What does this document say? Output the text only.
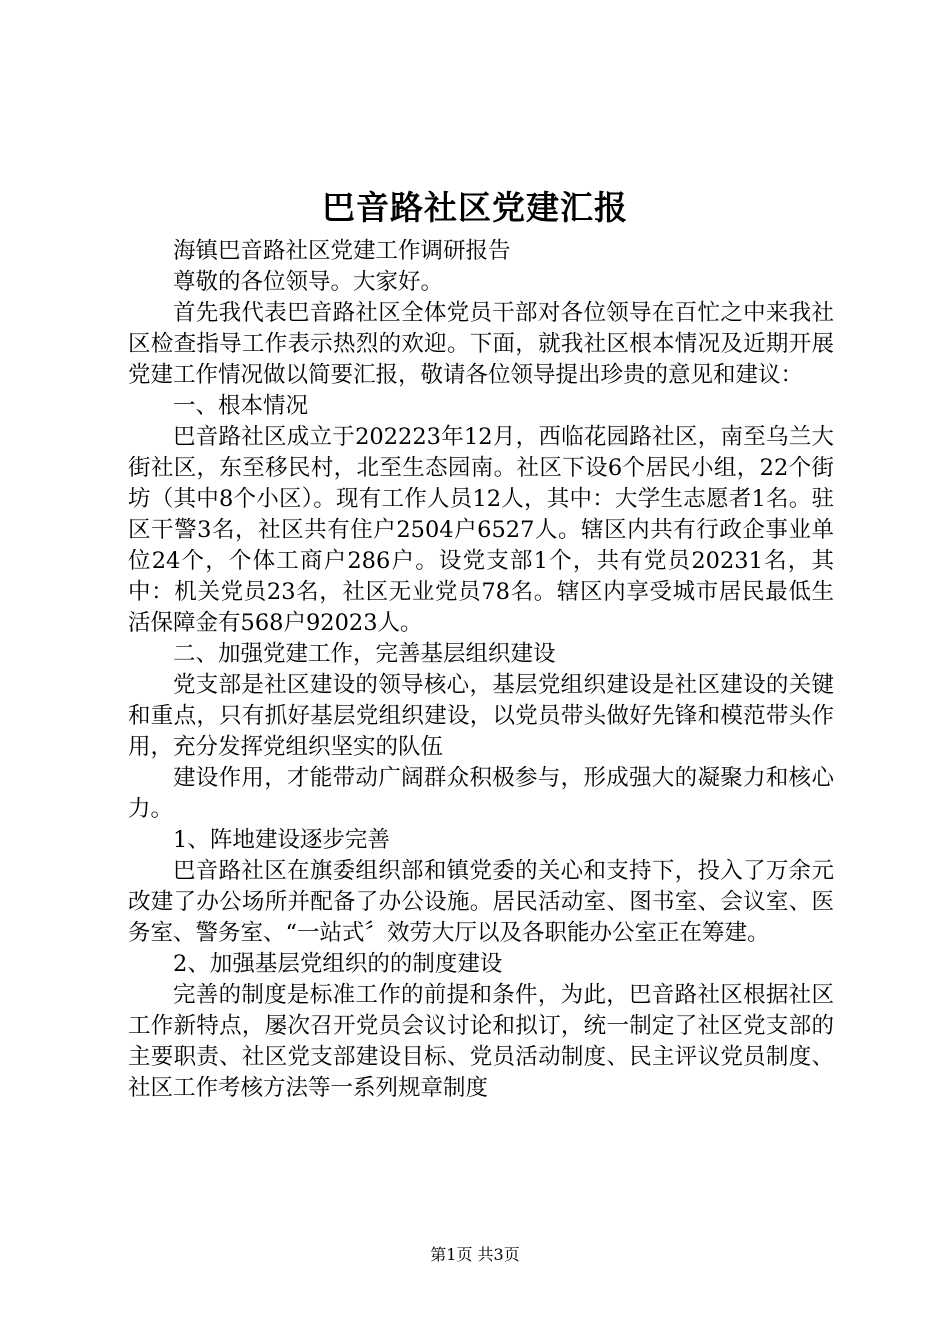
巴音路社区党建汇报

海镇巴音路社区党建工作调研报告

尊敬的各位领导。大家好。

首先我代表巴音路社区全体党员干部对各位领导在百忙之中来我社区检查指导工作表示热烈的欢迎。下面，就我社区根本情况及近期开展党建工作情况做以简要汇报，敬请各位领导提出珍贵的意见和建议：

一、根本情况

巴音路社区成立于202223年12月，西临花园路社区，南至乌兰大街社区，东至移民村，北至生态园南。社区下设6个居民小组，22个街坊（其中8个小区）。现有工作人员12人，其中：大学生志愿者1名。驻区干警3名，社区共有住户2504户6527人。辖区内共有行政企事业单位24个，个体工商户286户。设党支部1个，共有党员20231名，其中：机关党员23名，社区无业党员78名。辖区内享受城市居民最低生活保障金有568户92023人。

二、加强党建工作，完善基层组织建设

党支部是社区建设的领导核心，基层党组织建设是社区建设的关键和重点，只有抓好基层党组织建设，以党员带头做好先锋和模范带头作用，充分发挥党组织坚实的队伍

建设作用，才能带动广阔群众积极参与，形成强大的凝聚力和核心力。

1、阵地建设逐步完善

巴音路社区在旗委组织部和镇党委的关心和支持下，投入了万余元改建了办公场所并配备了办公设施。居民活动室、图书室、会议室、医务室、警务室、“一站式〞效劳大厅以及各职能办公室正在筹建。

2、加强基层党组织的的制度建设

完善的制度是标准工作的前提和条件，为此，巴音路社区根据社区工作新特点，屡次召开党员会议讨论和拟订，统一制定了社区党支部的主要职责、社区党支部建设目标、党员活动制度、民主评议党员制度、社区工作考核方法等一系列规章制度

第1页 共3页
